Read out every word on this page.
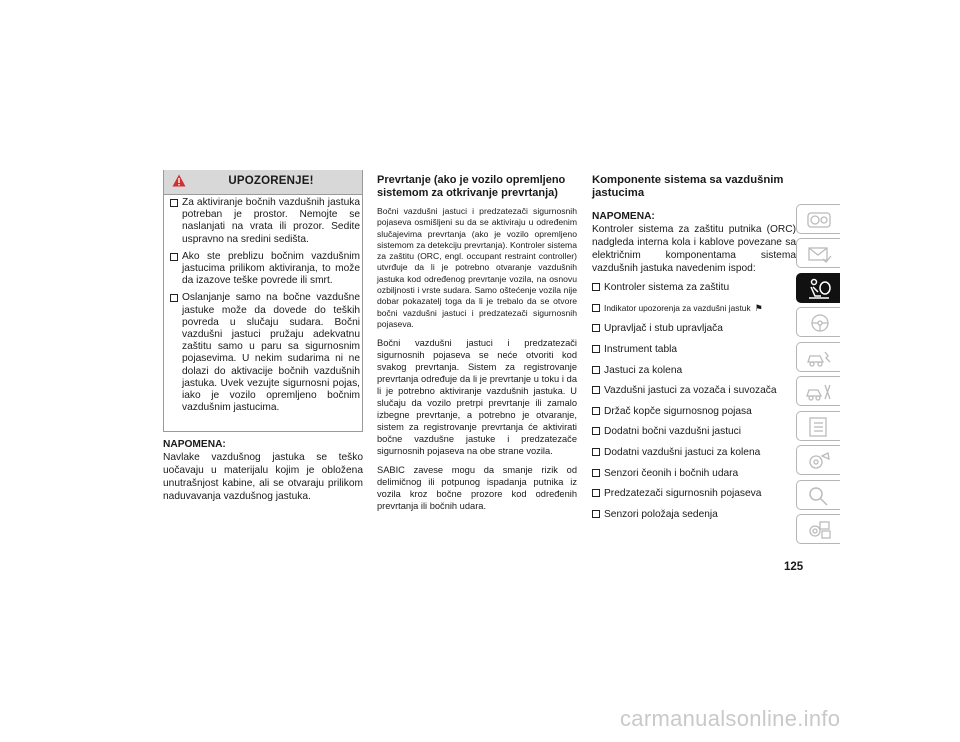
UPOZORENJE!
Za aktiviranje bočnih vazdušnih jastuka potreban je prostor. Nemojte se naslanjati na vrata ili prozor. Sedite uspravno na sredini sedišta.
Ako ste preblizu bočnim vazdušnim jastucima prilikom aktiviranja, to može da izazove teške povrede ili smrt.
Oslanjanje samo na bočne vazdušne jastuke može da dovede do teških povreda u slučaju sudara. Bočni vazdušni jastuci pružaju adekvatnu zaštitu samo u paru sa sigurnosnim pojasevima. U nekim sudarima ni ne dolazi do aktivacije bočnih vazdušnih jastuka. Uvek vezujte sigurnosni pojas, iako je vozilo opremljeno bočnim vazdušnim jastucima.
NAPOMENA:
Navlake vazdušnog jastuka se teško uočavaju u materijalu kojim je obložena unutrašnjost kabine, ali se otvaraju prilikom naduvavanja vazdušnog jastuka.
Prevrtanje (ako je vozilo opremljeno sistemom za otkrivanje prevrtanja)

Bočni vazdušni jastuci i predzatezači sigurnosnih pojaseva osmišljeni su da se aktiviraju u određenim slučajevima prevrtanja (ako je vozilo opremljeno sistemom za detekciju prevrtanja). Kontroler sistema za zaštitu (ORC, engl. occupant restraint controller) utvrđuje da li je potrebno otvaranje vazdušnih jastuka kod određenog prevrtanje vozila, na osnovu ozbiljnosti i vrste sudara. Samo oštećenje vozila nije dobar pokazatelj toga da li je trebalo da se otvore bočni vazdušni jastuci i predzatezači sigurnosnih pojaseva.

Bočni vazdušni jastuci i predzatezači sigurnosnih pojaseva se neće otvoriti kod svakog prevrtanja. Sistem za registrovanje prevrtanja određuje da li je prevrtanje u toku i da li je potrebno aktiviranje vazdušnih jastuka. U slučaju da vozilo pretrpi prevrtanje ili zamalo izbegne prevrtanje, a potrebno je otvaranje, sistem za registrovanje prevrtanja će aktivirati bočne vazdušne jastuke i predzatezače sigurnosnih pojaseva na obe strane vozila.

SABIC zavese mogu da smanje rizik od delimičnog ili potpunog ispadanja putnika iz vozila kroz bočne prozore kod određenih prevrtanja ili bočnih udara.

Komponente sistema sa vazdušnim jastucima
NAPOMENA:
Kontroler sistema za zaštitu putnika (ORC) nadgleda interna kola i kablove povezane sa električnim komponentama sistema vazdušnih jastuka navedenim ispod:
Kontroler sistema za zaštitu
Indikator upozorenja za vazdušni jastuk ⚑
Upravljač i stub upravljača
Instrument tabla
Jastuci za kolena
Vazdušni jastuci za vozača i suvozača
Držač kopče sigurnosnog pojasa
Dodatni bočni vazdušni jastuci
Dodatni vazdušni jastuci za kolena
Senzori čeonih i bočnih udara
Predzatezači sigurnosnih pojaseva
Senzori položaja sedenja
125
carmanualsonline.info
